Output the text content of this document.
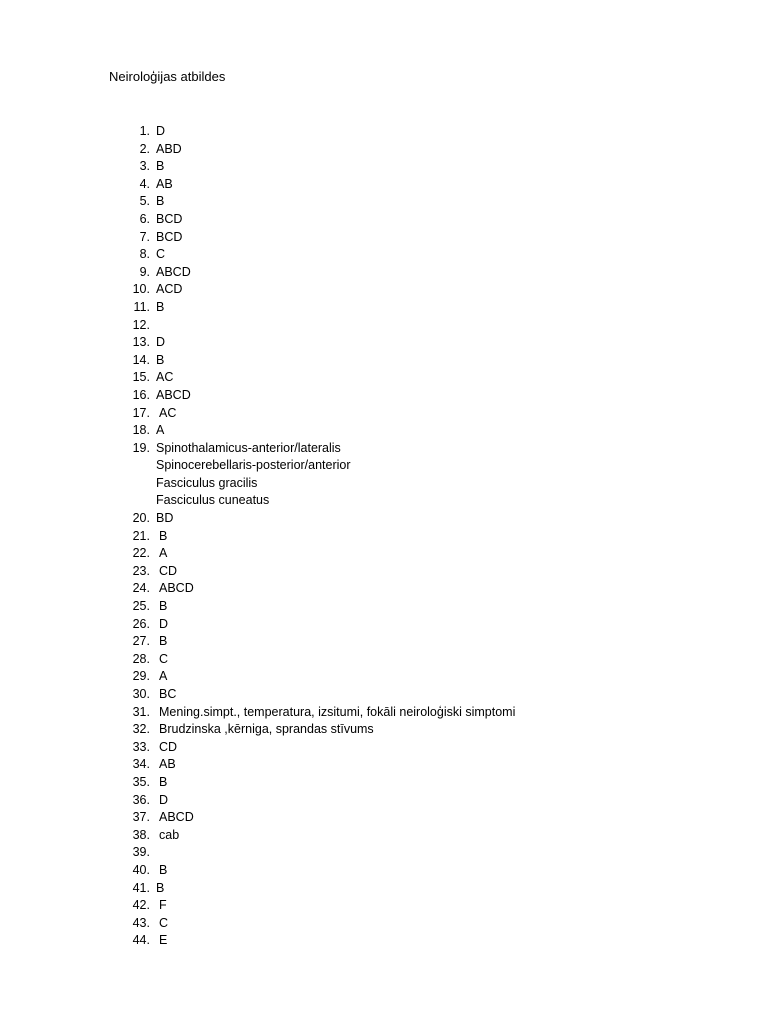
Neiroloģijas atbildes
1. D
2. ABD
3. B
4. AB
5. B
6. BCD
7. BCD
8. C
9. ABCD
10. ACD
11. B
12.
13. D
14. B
15. AC
16. ABCD
17. AC
18. A
19. Spinothalamicus-anterior/lateralis
Spinocerebellaris-posterior/anterior
Fasciculus gracilis
Fasciculus cuneatus
20. BD
21. B
22. A
23. CD
24. ABCD
25. B
26. D
27. B
28. C
29. A
30. BC
31. Mening.simpt., temperatura, izsitumi, fokāli neiroloģiski simptomi
32. Brudzinska ,kērniga, sprandas stīvums
33. CD
34. AB
35. B
36. D
37. ABCD
38. cab
39.
40. B
41. B
42. F
43. C
44. E
